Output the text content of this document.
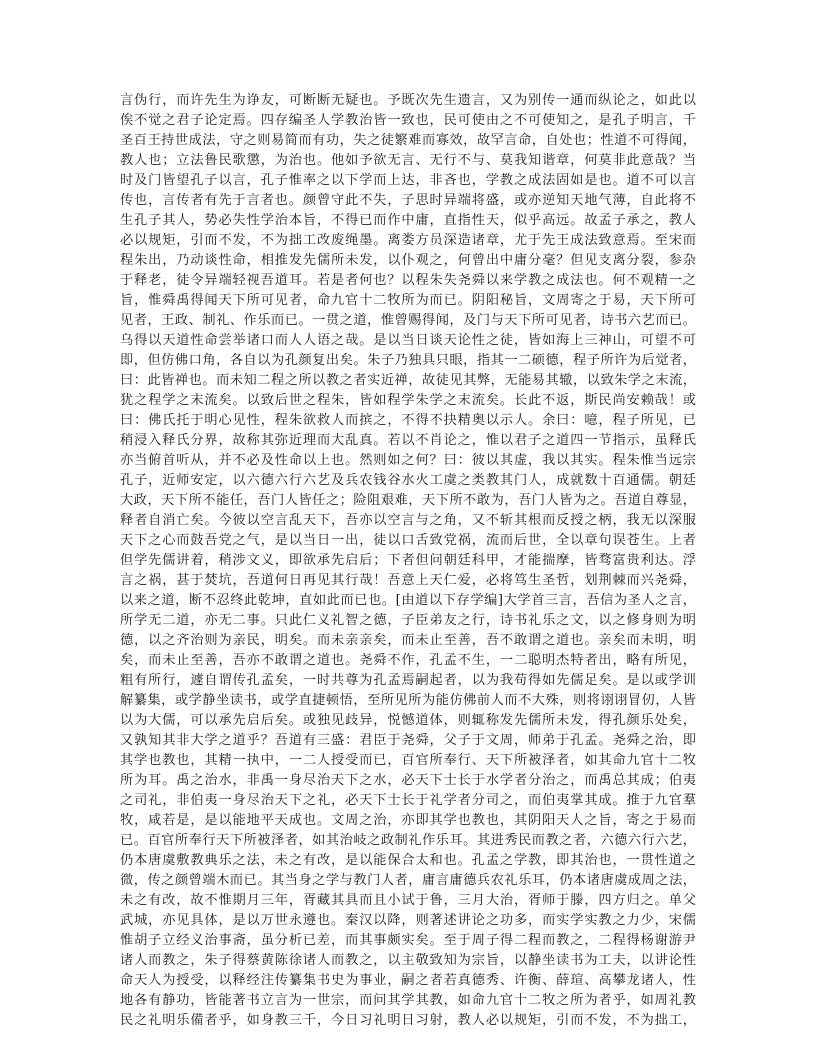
言伪行，而许先生为诤友，可断断无疑也。予既次先生遗言，又为别传一通而纵论之，如此以
俟不觉之君子论定焉。四存编圣人学教治皆一致也，民可使由之不可使知之，是孔子明言，千
圣百王持世成法，守之则易简而有功，失之徒繁难而寡效，故罕言命，自处也；性道不可得闻，
教人也；立法鲁民歌懲，为治也。他如予欲无言、无行不与、莫我知谐章，何莫非此意哉？当
时及门皆望孔子以言，孔子惟率之以下学而上达，非吝也，学教之成法固如是也。道不可以言
传也，言传者有先于言者也。颜曾守此不失，子思时异端将盛，或亦逆知天地气薄，自此将不
生孔子其人，势必失性学治本旨，不得已而作中庸，直指性天，似乎高远。故孟子承之，教人
必以规矩，引而不发，不为拙工改废绳墨。离娄方员深造诸章，尤于先王成法致意焉。至宋而
程朱出，乃动谈性命，相推发先儒所未发，以仆观之，何曾出中庸分毫？但见支离分裂，参杂
于释老，徒令异端轻视吾道耳。若是者何也？以程朱失尧舜以来学教之成法也。何不观精一之
旨，惟舜禹得闻天下所可见者，命九官十二牧所为而已。阴阳秘旨，文周寄之于易，天下所可
见者，王政、制礼、作乐而已。一贯之道，惟曾赐得闻，及门与天下所可见者，诗书六艺而已。
乌得以天道性命尝举诸口而人人语之哉。是以当日谈天论性之徒，皆如海上三神山，可望不可
即，但仿佛口角，各自以为孔颜复出矣。朱子乃独具只眼，指其一二硕德，程子所许为后觉者，
曰：此皆禅也。而未知二程之所以教之者实近禅，故徒见其弊，无能易其辙，以致朱学之末流，
犹之程学之末流矣。以致后世之程朱，皆如程学朱学之末流矣。长此不返，斯民尚安赖哉！或
曰：佛氏托于明心见性，程朱欲救人而摈之，不得不抉精奥以示人。余曰：噫，程子所见，已
稍浸入释氏分界，故称其弥近理而大乱真。若以不肖论之，惟以君子之道四一节指示，虽释氏
亦当俯首听从，并不必及性命以上也。然则如之何？曰：彼以其虚，我以其实。程朱惟当远宗
孔子，近师安定，以六德六行六艺及兵农钱谷水火工虞之类教其门人，成就数十百通儒。朝廷
大政，天下所不能任，吾门人皆任之；险阻艰难，天下所不敢为，吾门人皆为之。吾道自尊显，
释者自消亡矣。今彼以空言乱天下，吾亦以空言与之角，又不斩其根而反授之柄，我无以深服
天下之心而鼓吾党之气，是以当日一出，徒以口舌致党祸，流而后世，全以章句误苍生。上者
但学先儒讲着，稍涉文义，即欲承先启后；下者但问朝廷科甲，才能揣摩，皆骛富贵利达。浮
言之祸，甚于焚坑，吾道何日再见其行哉！吾意上天仁爱，必将笃生圣哲，划荆棘而兴尧舜，
以来之道，断不忍终此乾坤，直如此而已也。[由道以下存学编]大学首三言，吾信为圣人之言，
所学无二道，亦无二事。只此仁义礼智之德，子臣弟友之行，诗书礼乐之文，以之修身则为明
德，以之齐治则为亲民，明矣。而未亲亲矣，而未止至善，吾不敢谓之道也。亲矣而未明，明
矣，而未止至善，吾亦不敢谓之道也。尧舜不作，孔孟不生，一二聪明杰特者出，略有所见，
粗有所行，遽自谓传孔孟矣，一时共尊为孔孟焉嗣起者，以为我苟得如先儒足矣。是以或学训
解纂集，或学静坐读书，或学直捷顿悟，至所见所为能仿佛前人而不大殊，则将诩诩冒仞，人皆
以为大儒，可以承先启后矣。或独见歧异，悦憾道体，则辄称发先儒所未发，得孔颜乐处矣，
又孰知其非大学之道乎？吾道有三盛：君臣于尧舜，父子于文周，师弟于孔孟。尧舜之治，即
其学也教也，其精一执中，一二人授受而已，百官所奉行、天下所被泽者，如其命九官十二牧
所为耳。禹之治水，非禹一身尽治天下之水，必天下士长于水学者分治之，而禹总其成；伯夷
之司礼，非伯夷一身尽治天下之礼，必天下士长于礼学者分司之，而伯夷掌其成。推于九官羣
牧，咸若是，是以能地平天成也。文周之治，亦即其学也教也，其阴阳天人之旨，寄之于易而
已。百官所奉行天下所被泽者，如其治岐之政制礼作乐耳。其进秀民而教之者，六德六行六艺，
仍本唐虞敷教典乐之法，未之有改，是以能保合太和也。孔孟之学教，即其治也，一贯性道之
微，传之颜曾端木而已。其当身之学与教门人者，庸言庸德兵农礼乐耳，仍本诸唐虞成周之法，
未之有改，故不惟期月三年，胥藏其具而且小试于鲁，三月大治，胥师于滕，四方归之。单父
武城，亦见具体，是以万世永遵也。秦汉以降，则著述讲论之功多，而实学实教之力少，宋儒
惟胡子立经义治事斋，虽分析已差，而其事颇实矣。至于周子得二程而教之，二程得杨谢游尹
诸人而教之，朱子得蔡黄陈徐诸人而教之，以主敬致知为宗旨，以静坐读书为工夫，以讲论性
命天人为授受，以释经注传纂集书史为事业，嗣之者若真德秀、许衡、薛瑄、高攀龙诸人，性
地各有静功，皆能著书立言为一世宗，而问其学其教，如命九官十二牧之所为者乎，如周礼教
民之礼明乐備者乎，如身教三千，今日习礼明日习射，教人必以规矩，引而不发，不为拙工，
